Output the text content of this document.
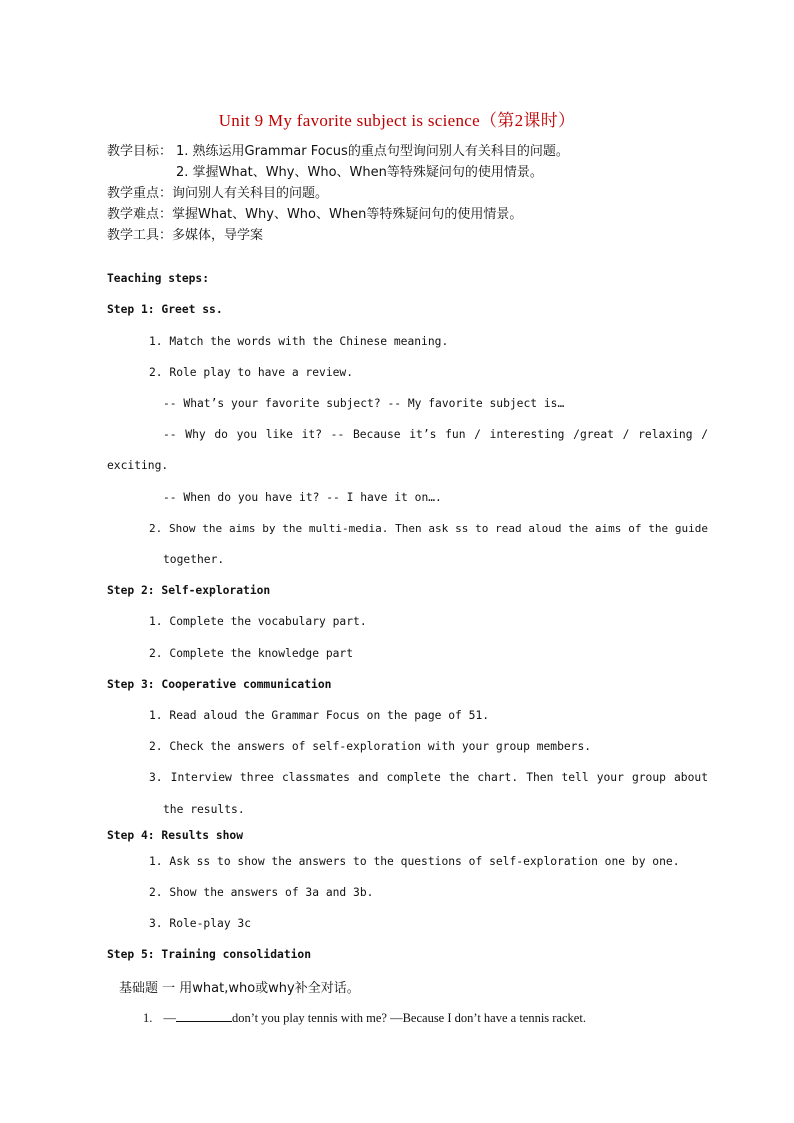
Unit 9 My favorite subject is science（第2课时）
教学目标： 1. 熟练运用Grammar Focus的重点句型询问别人有关科目的问题。
2. 掌握What、Why、Who、When等特殊疑问句的使用情景。
教学重点：询问别人有关科目的问题。
教学难点：掌握What、Why、Who、When等特殊疑问句的使用情景。
教学工具：多媒体，导学案
Teaching steps:
Step 1: Greet ss.
1. Match the words with the Chinese meaning.
2. Role play to have a review.
-- What’s your favorite subject? -- My favorite subject is…
-- Why do you like it? -- Because it’s fun / interesting /great / relaxing /
exciting.
-- When do you have it? -- I have it on….
2. Show the aims by the multi-media. Then ask ss to read aloud the aims of the guide
together.
Step 2: Self-exploration
1. Complete the vocabulary part.
2. Complete the knowledge part
Step 3: Cooperative communication
1. Read aloud the Grammar Focus on the page of 51.
2. Check the answers of self-exploration with your group members.
3. Interview three classmates and complete the chart. Then tell your group about
the results.
Step 4: Results show
1. Ask ss to show the answers to the questions of self-exploration one by one.
2. Show the answers of 3a and 3b.
3. Role-play 3c
Step 5: Training consolidation
基础题 一 用what,who或why补全对话。
1. —	don’t you play tennis with me? —Because I don’t have a tennis racket.
